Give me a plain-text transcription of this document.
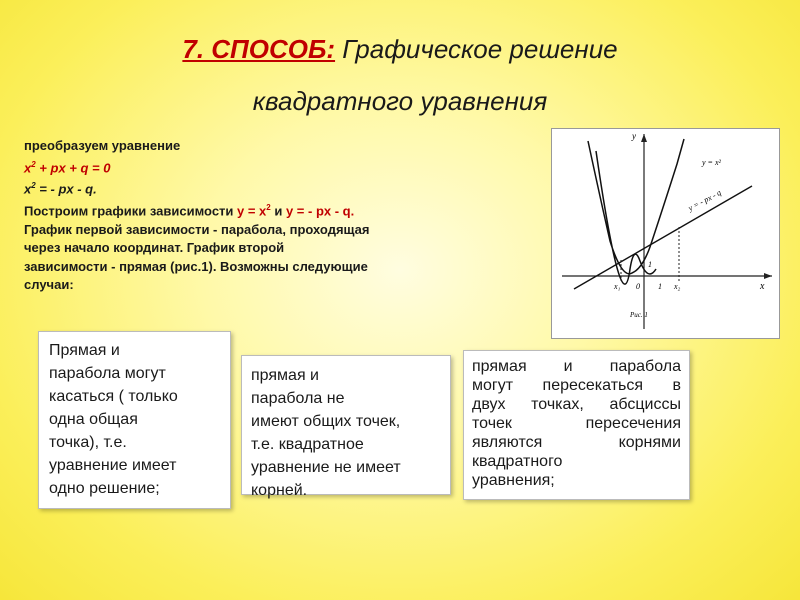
7. СПОСОБ: Графическое решение
квадратного уравнения
преобразуем уравнение
$x^2$ + px + q = 0
$x^2$ = - px - q.
Построим графики зависимости $y = x^2$ и y = - px - q.
График первой зависимости - парабола, проходящая
через начало координат. График второй
зависимости - прямая (рис.1). Возможны следующие
случаи:
y
x
y = x²
y = - px - q
x₁ 0 1 x₂
1
Рис. 1
Прямая и
парабола могут
касаться ( только
одна общая
точка), т.е.
уравнение имеет
одно решение;
прямая и
парабола не
имеют общих точек,
т.е. квадратное
уравнение не имеет
корней.
прямая и парабола
могут пересекаться в
двух точках, абсциссы
точек пересечения
являются корнями
квадратного
уравнения;
